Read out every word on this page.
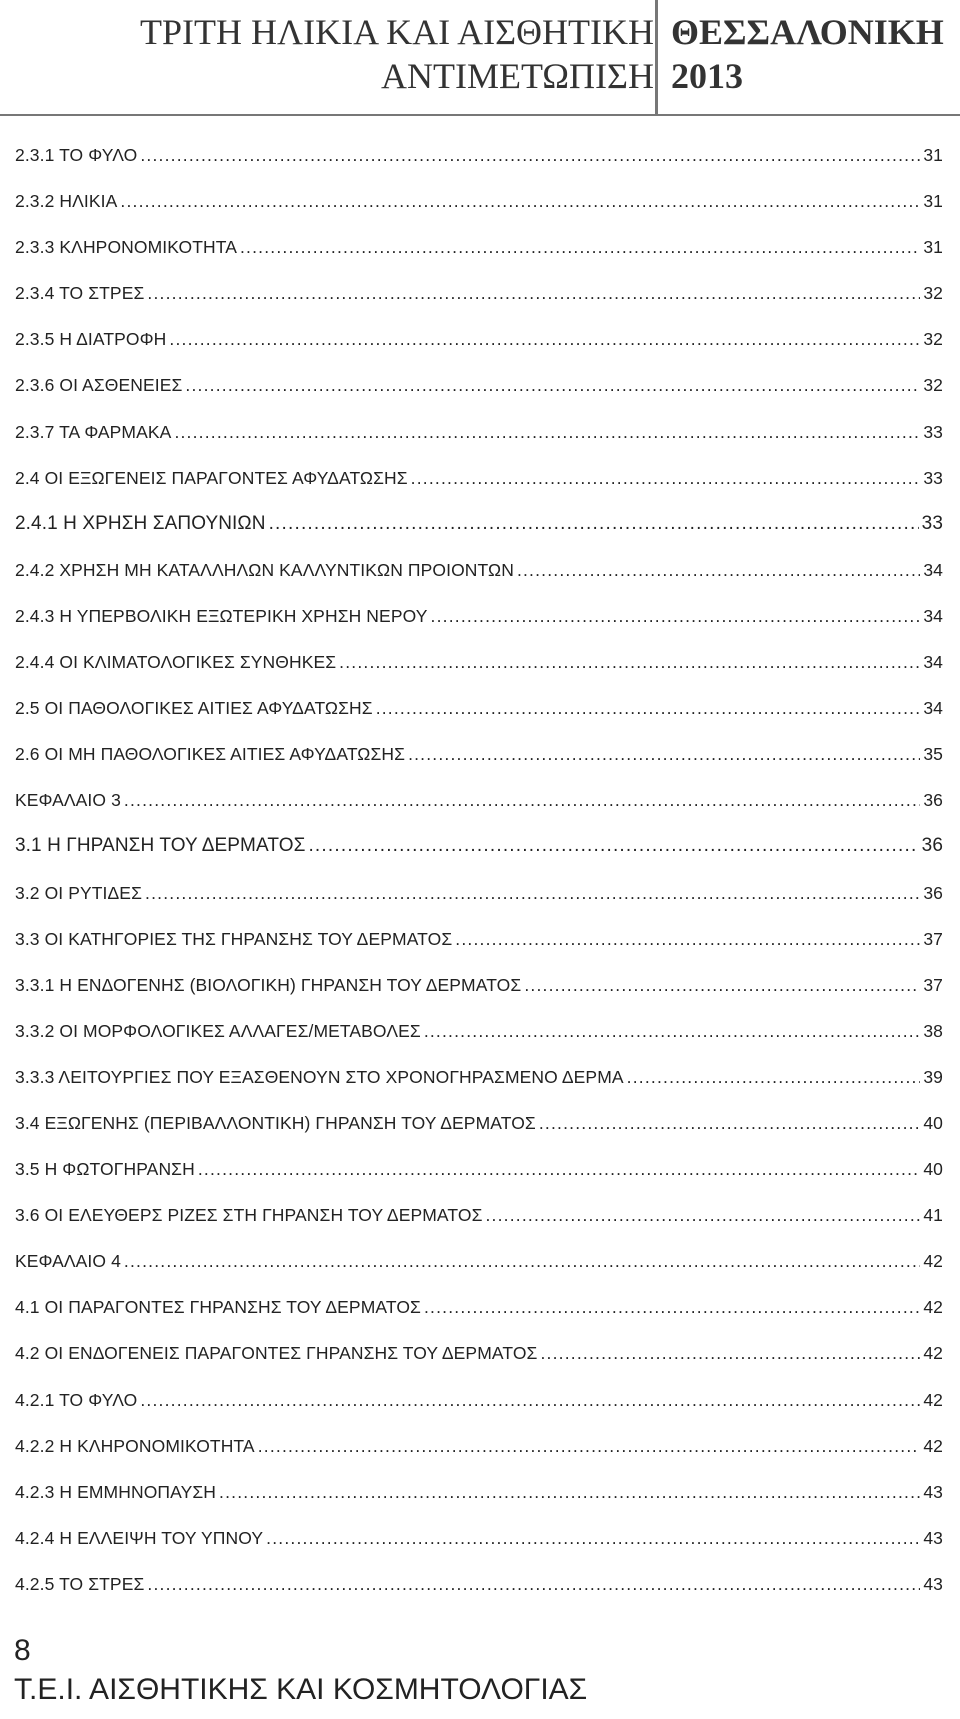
ΤΡΙΤΗ ΗΛΙΚΙΑ ΚΑΙ ΑΙΣΘΗΤΙΚΗ
ΑΝΤΙΜΕΤΩΠΙΣΗ
ΘΕΣΣΑΛΟΝΙΚΗ
2013
2.3.1 ΤΟ ΦΥΛΟ .....	31
2.3.2 ΗΛΙΚΙΑ .....	31
2.3.3 ΚΛΗΡΟΝΟΜΙΚΟΤΗΤΑ .....	31
2.3.4 ΤΟ ΣΤΡΕΣ .....	32
2.3.5 Η ΔΙΑΤΡΟΦΗ .....	32
2.3.6 ΟΙ ΑΣΘΕΝΕΙΕΣ .....	32
2.3.7 ΤΑ ΦΑΡΜΑΚΑ .....	33
2.4 ΟΙ ΕΞΩΓΕΝΕΙΣ ΠΑΡΑΓΟΝΤΕΣ ΑΦΥΔΑΤΩΣΗΣ .....	33
2.4.1 Η ΧΡΗΣΗ ΣΑΠΟΥΝΙΩΝ .....	33
2.4.2 ΧΡΗΣΗ ΜΗ ΚΑΤΑΛΛΗΛΩΝ ΚΑΛΛΥΝΤΙΚΩΝ ΠΡΟΙΟΝΤΩΝ .....	34
2.4.3 Η ΥΠΕΡΒΟΛΙΚΗ ΕΞΩΤΕΡΙΚΗ ΧΡΗΣΗ ΝΕΡΟΥ .....	34
2.4.4 ΟΙ ΚΛΙΜΑΤΟΛΟΓΙΚΕΣ ΣΥΝΘΗΚΕΣ .....	34
2.5 ΟΙ ΠΑΘΟΛΟΓΙΚΕΣ ΑΙΤΙΕΣ ΑΦΥΔΑΤΩΣΗΣ .....	34
2.6 ΟΙ ΜΗ ΠΑΘΟΛΟΓΙΚΕΣ ΑΙΤΙΕΣ ΑΦΥΔΑΤΩΣΗΣ .....	35
ΚΕΦΑΛΑΙΟ 3 .....	36
3.1 Η ΓΗΡΑΝΣΗ ΤΟΥ ΔΕΡΜΑΤΟΣ .....	36
3.2 ΟΙ ΡΥΤΙΔΕΣ .....	36
3.3 ΟΙ ΚΑΤΗΓΟΡΙΕΣ ΤΗΣ ΓΗΡΑΝΣΗΣ ΤΟΥ ΔΕΡΜΑΤΟΣ .....	37
3.3.1 Η ΕΝΔΟΓΕΝΗΣ (ΒΙΟΛΟΓΙΚΗ) ΓΗΡΑΝΣΗ ΤΟΥ ΔΕΡΜΑΤΟΣ .....	37
3.3.2 ΟΙ ΜΟΡΦΟΛΟΓΙΚΕΣ ΑΛΛΑΓΕΣ/ΜΕΤΑΒΟΛΕΣ .....	38
3.3.3 ΛΕΙΤΟΥΡΓΙΕΣ ΠΟΥ ΕΞΑΣΘΕΝΟΥΝ ΣΤΟ ΧΡΟΝΟΓΗΡΑΣΜΕΝΟ ΔΕΡΜΑ .....	39
3.4 ΕΞΩΓΕΝΗΣ (ΠΕΡΙΒΑΛΛΟΝΤΙΚΗ) ΓΗΡΑΝΣΗ ΤΟΥ ΔΕΡΜΑΤΟΣ .....	40
3.5 Η ΦΩΤΟΓΗΡΑΝΣΗ .....	40
3.6 ΟΙ ΕΛΕΥΘΕΡΣ ΡΙΖΕΣ ΣΤΗ ΓΗΡΑΝΣΗ ΤΟΥ ΔΕΡΜΑΤΟΣ .....	41
ΚΕΦΑΛΑΙΟ 4 .....	42
4.1 ΟΙ ΠΑΡΑΓΟΝΤΕΣ ΓΗΡΑΝΣΗΣ ΤΟΥ ΔΕΡΜΑΤΟΣ .....	42
4.2 ΟΙ ΕΝΔΟΓΕΝΕΙΣ ΠΑΡΑΓΟΝΤΕΣ ΓΗΡΑΝΣΗΣ ΤΟΥ ΔΕΡΜΑΤΟΣ .....	42
4.2.1 ΤΟ ΦΥΛΟ .....	42
4.2.2 Η ΚΛΗΡΟΝΟΜΙΚΟΤΗΤΑ .....	42
4.2.3 Η ΕΜΜΗΝΟΠΑΥΣΗ .....	43
4.2.4 Η ΕΛΛΕΙΨΗ ΤΟΥ ΥΠΝΟΥ .....	43
4.2.5 ΤΟ ΣΤΡΕΣ .....	43
8
Τ.Ε.Ι. ΑΙΣΘΗΤΙΚΗΣ ΚΑΙ ΚΟΣΜΗΤΟΛΟΓΙΑΣ
